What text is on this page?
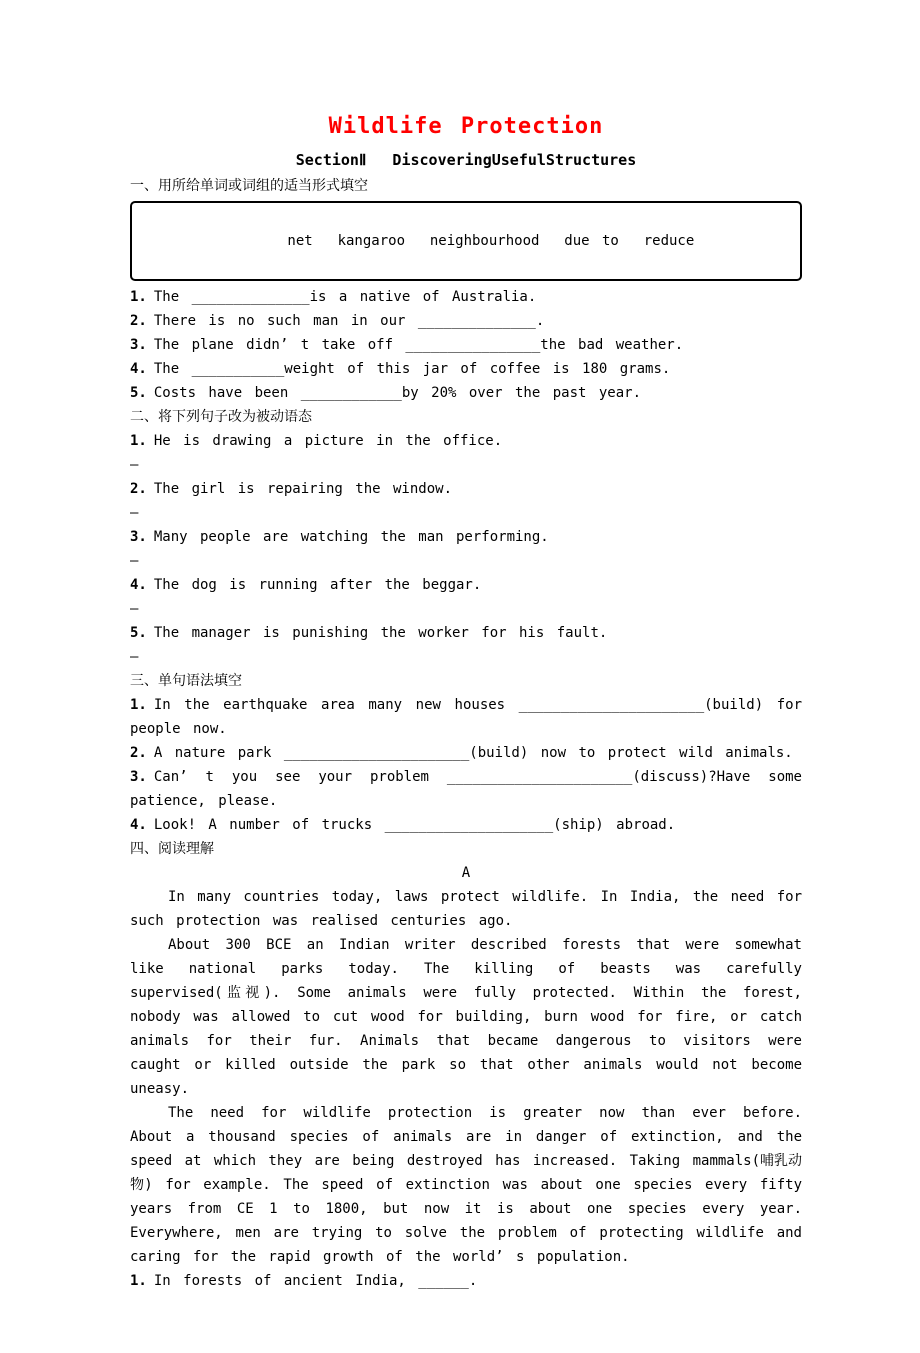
Wildlife Protection
SectionⅡ  DiscoveringUsefulStructures
一、用所给单词或词组的适当形式填空

net  kangaroo  neighbourhood  due to  reduce

1. The ______________is a native of Australia.
2. There is no such man in our ______________.
3. The plane didn’ t take off ________________the bad weather.
4. The ___________weight of this jar of coffee is 180 grams.
5. Costs have been ____________by 20% over the past year.
二、将下列句子改为被动语态
1. He is drawing a picture in the office.
—
2. The girl is repairing the window.
—
3. Many people are watching the man performing.
—
4. The dog is running after the beggar.
—
5. The manager is punishing the worker for his fault.
—
三、单句语法填空
1. In the earthquake area many new houses ______________________(build) for people now.
2. A nature park ______________________(build) now to protect wild animals.
3. Can’ t you see your problem ______________________(discuss)?Have some patience, please.
4. Look! A number of trucks ____________________(ship) abroad.
四、阅读理解
A
In many countries today, laws protect wildlife. In India, the need for such protection was realised centuries ago.
About 300 BCE an Indian writer described forests that were somewhat like national parks today. The killing of beasts was carefully supervised(监视). Some animals were fully protected. Within the forest, nobody was allowed to cut wood for building, burn wood for fire, or catch animals for their fur. Animals that became dangerous to visitors were caught or killed outside the park so that other animals would not become uneasy.
The need for wildlife protection is greater now than ever before. About a thousand species of animals are in danger of extinction, and the speed at which they are being destroyed has increased. Taking mammals(哺乳动物) for example. The speed of extinction was about one species every fifty years from CE 1 to 1800, but now it is about one species every year. Everywhere, men are trying to solve the problem of protecting wildlife and caring for the rapid growth of the world’ s population.
1. In forests of ancient India, ______.
